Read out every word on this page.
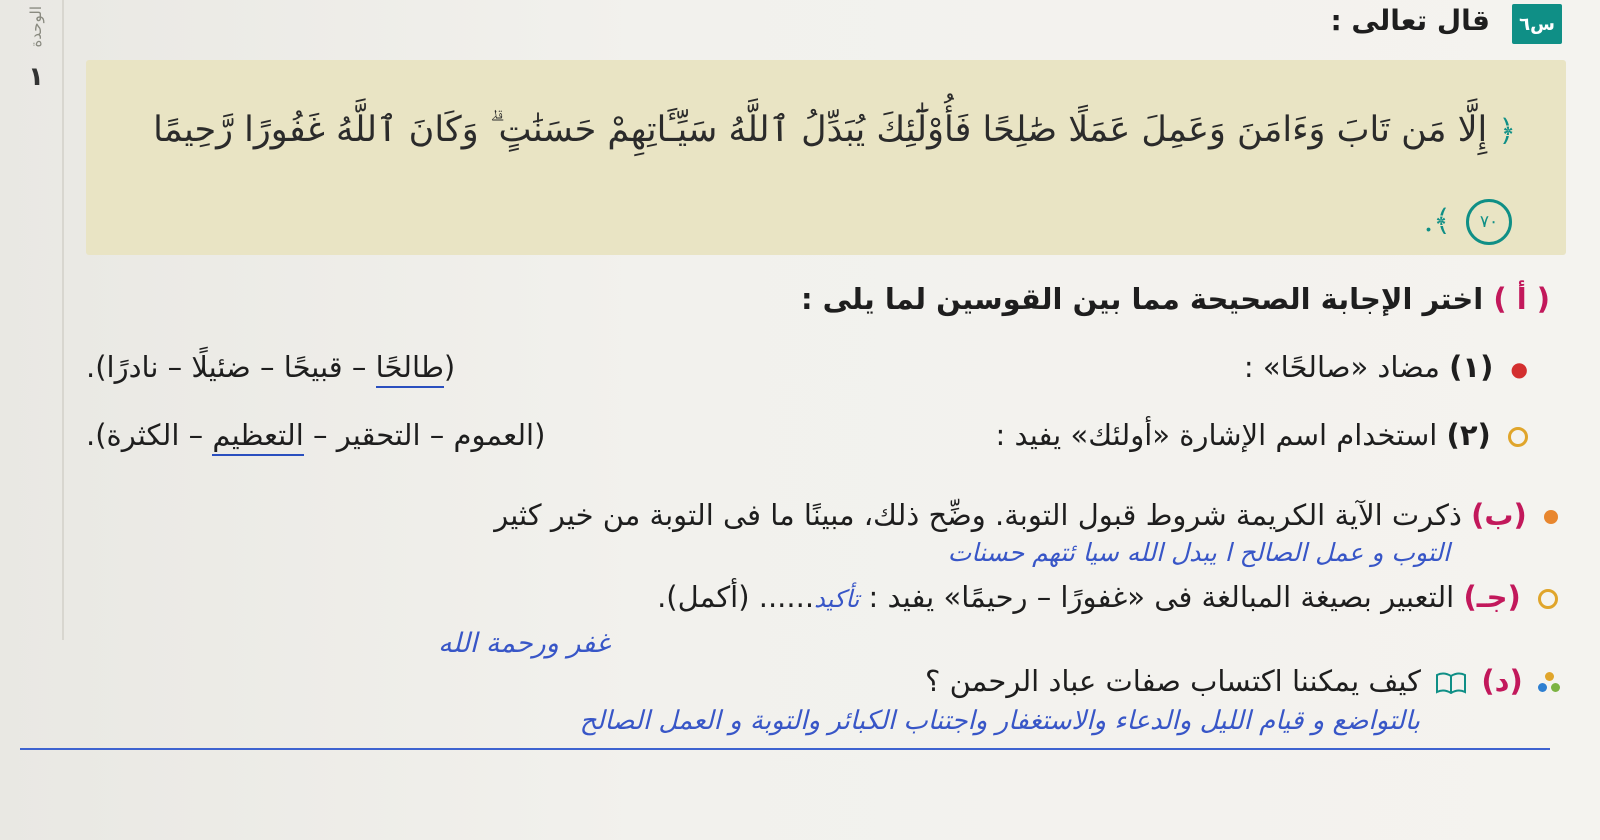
الوحدة
١
س٦
قال تعالى :
﴿ إِلَّا مَن تَابَ وَءَامَنَ وَعَمِلَ عَمَلًا صَٰلِحًا فَأُوْلَٰٓئِكَ يُبَدِّلُ ٱللَّهُ سَيِّـَٔاتِهِمْ حَسَنَٰتٍ ۗ وَكَانَ ٱللَّهُ غَفُورًا رَّحِيمًا ٧٠ ﴾.
( أ ) اختر الإجابة الصحيحة مما بين القوسين لما يلى :
● (١) مضاد «صالحًا» :
(طالحًا – قبيحًا – ضئيلًا – نادرًا).
(٢) استخدام اسم الإشارة «أولئك» يفيد :
(العموم – التحقير – التعظيم – الكثرة).
(ب) ذكرت الآية الكريمة شروط قبول التوبة. وضِّح ذلك، مبينًا ما فى التوبة من خير كثير
التوب و عمل الصالح ا يبدل الله سيا ئتهم حسنات
(جـ) التعبير بصيغة المبالغة فى «غفورًا – رحيمًا» يفيد : تأكيد...... (أكمل).
غفر ورحمة الله
(د)  كيف يمكننا اكتساب صفات عباد الرحمن ؟
بالتواضع و قيام الليل والدعاء والاستغفار واجتناب الكبائر والتوبة و العمل الصالح
